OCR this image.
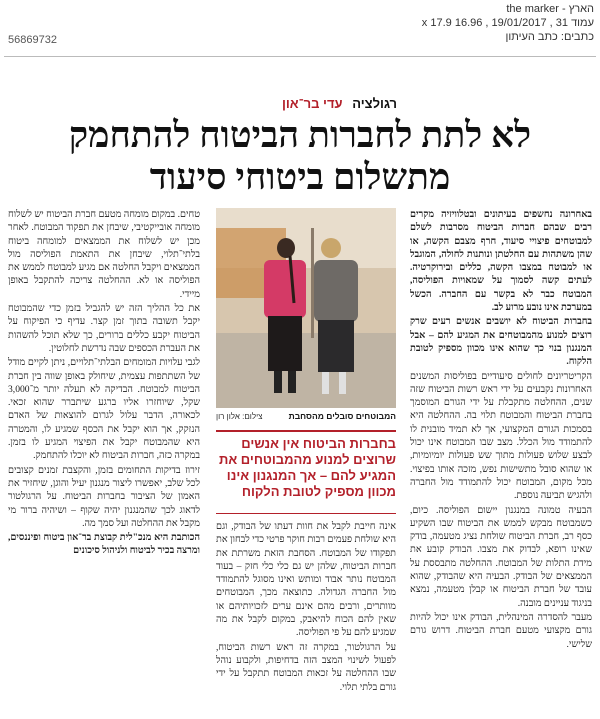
הארץ - the marker
עמוד 31 , 19/01/2017 , 16.96 x 17.9
כתבים: כתב העיתון
56869732
רגולציה עדי בר־און
לא לתת לחברות הביטוח להתחמק
מתשלום ביטוחי סיעוד

באחרונה נחשפים בעיתונים ובטלוויזיה מקרים רבים שבהם חברות הביטוח מסרבות לשלם למבוטחים פיצויי סיעוד, חרף מצבם הקשה, או שהן משתהות עם החלטתן ונותנות לחולה, המוגבל או למבוטח במצבו הקשה, כללים ובירוקרטיה. לעתים קשה לסמוך על שמאויות הפוליסה, המבוטח כבר לא בקשר עם החברה. הכשל במערכת אינו נובע מרוע לב.

בחברות הביטוח לא יושבים אנשים רעים שרק רוצים למנוע מהמבוטחים את המגיע להם – אבל המנגנון בנוי כך שהוא אינו מכוון מספיק לטובת הלקוח.

הקריטריונים לחולים סיעודיים בפוליסות המשנים האחרונות נקבעים על ידי ראש רשות הביטוח שזה שנים, ההחלטה מתקבלת על ידי הגורם המוסמך בחברת הביטוח והמבוטח תלוי בה. ההחלטה היא בסמכות הגורם המקצועי, אך לא תמיד מובנית לו להתמודד מול הכלל. מצב שבו המבוטח אינו יכול לבצע שלוש פעולות מתוך שש פעולות יומיומיות, או שהוא סובל מתשישות נפש, מזכה אותו בפיצוי. מכל מקום, המבוטח יכול להתמודד מול החברה ולהגיש תביעה נוספת.

הבעיה טמונה במנגנון יישום הפוליסה. כיום, כשמבוטח מבקש לממש את הביטוח שבו השקיע כסף רב, חברת הביטוח שולחת נציג מטעמה, בודק שאינו רופא, לבדוק את מצבו. הבודק קובע את מידת התלות של המבוטח. ההחלטה מתבססת על הממצאים של הבודק. הבעיה היא שהבודק, שהוא עובד של חברת הביטוח או קבלן מטעמה, נמצא בניגוד עניינים מובנה.

מעבר להסדרה המינהלית, הבודק אינו יכול להיות גורם מקצועי מטעם חברת הביטוח. דרוש גורם שלישי.

המבוטחים סובלים מהסחבת
צילום: אלון רון
בחברות הביטוח אין אנשים שרוצים למנוע מהמבוטחים את המגיע להם – אך המנגנון אינו מכוון מספיק לטובת הלקוח

אינה חייבת לקבל את חוות דעתו של הבודק, וגם היא שולחת פעמים רבות חוקר פרטי כדי לבחון את תפקודו של המבוטח. הסחבת הזאת משרתת את חברות הביטוח, שלהן יש גם כלי כלי חזק – בעוד המבוטח נותר אבוד ומותש ואינו מסוגל להתמודד מול החברה הגדולה. כתוצאה מכך, המבוטחים מוותרים, ורבים מהם אינם ערים לזכויותיהם או שאין להם הכוח להיאבק, במקום לקבל את מה שמגיע להם על פי הפוליסה.

על הרגולטור, במקרה זה ראש רשות הביטוח, לפעול לשינוי המצב הזה בדחיפות, ולקבוע נוהל שבו ההחלטה על זכאות המבוטח תתקבל על ידי גורם בלתי תלוי.

טחים. במקום מומחה מטעם חברת הביטוח יש לשלוח מומחה אובייקטיבי, שיבחן את תפקוד המבוטח. לאחר מכן יש לשלוח את הממצאים למומחה ביטוח בלתי־תלוי, שיבחן את התאמת הפוליסה מול הממצאים ויקבל החלטה אם מגיע למבוטח לממש את הפוליסה או לא. ההחלטה צריכה להתקבל באופן מיידי.

את כל ההליך הזה יש להגביל בזמן כדי שהמבוטח יקבל תשובה בתוך זמן קצר. עדיף כי הפיקוח על הביטוח יקבע כללים ברורים, כך שלא תוכל להשהות את העברת הכספים שבה נדרשת לחלוטין.

לגבי עלויות המומחים הבלתי־תלויים, ניתן לקיים מודל של השתתפות עצמית, שיחולק באופן שווה בין חברת הביטוח למבוטח. הבדיקה לא תעלה יותר מ־3,000 שקל, שיוחזרו אליו ברגע שיתברר שהוא זכאי. לכאורה, הדבר עלול לגרום להוצאות של האדם הנזקק, אך הוא יקבל את הכסף שמגיע לו, והמטרה היא שהמבוטח יקבל את הפיצוי המגיע לו בזמן. במקרה כזה, חברות הביטוח לא יוכלו להתחמק.

זירוז בדיקות התחומים בזמן, והקצבת זמנים קצובים לכל שלב, יאפשרו ליצור מנגנון יעיל והוגן, שיחזיר את האמון של הציבור בחברות הביטוח. על הרגולטור לדאוג לכך שהמנגנון יהיה שקוף – ושיהיה ברור מי מקבל את ההחלטה ועל סמך מה.

הכותבת היא מנכ"לית קבוצת בר־און ביטוח ופיננסים, ומרצה בכיר לביטוח ולניהול סיכונים
